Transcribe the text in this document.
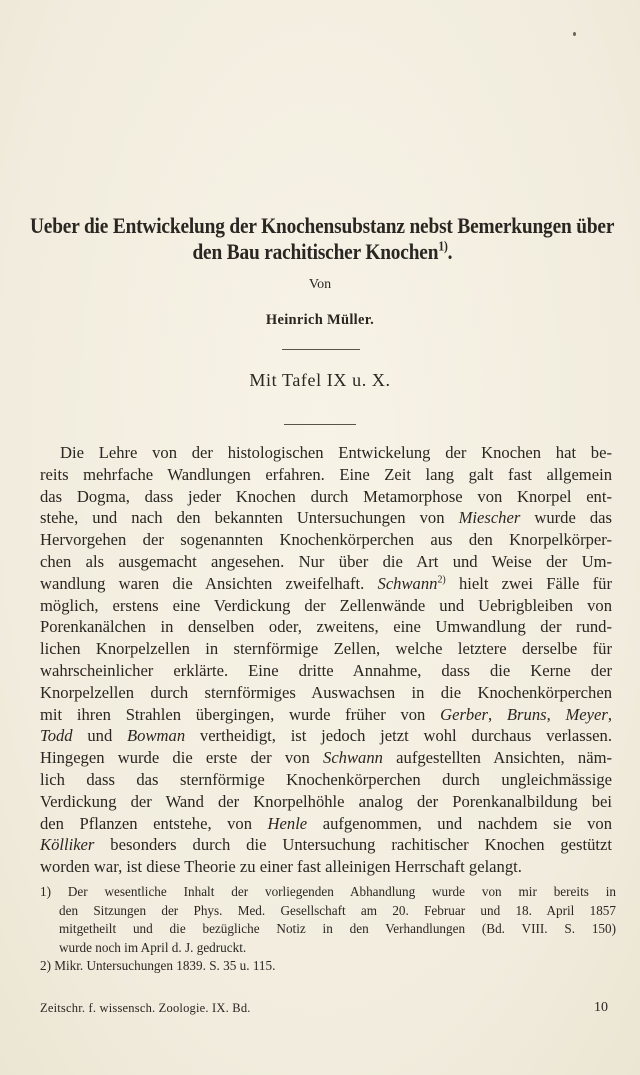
Ueber die Entwickelung der Knochensubstanz nebst Bemerkungen über
den Bau rachitischer Knochen$^{1)}$.
Von
Heinrich Müller.
Mit Tafel IX u. X.
Die Lehre von der histologischen Entwickelung der Knochen hat be-
reits mehrfache Wandlungen erfahren. Eine Zeit lang galt fast allgemein
das Dogma, dass jeder Knochen durch Metamorphose von Knorpel ent-
stehe, und nach den bekannten Untersuchungen von Miescher wurde das
Hervorgehen der sogenannten Knochenkörperchen aus den Knorpelkörper-
chen als ausgemacht angesehen. Nur über die Art und Weise der Um-
wandlung waren die Ansichten zweifelhaft. Schwann$^{2)}$ hielt zwei Fälle für
möglich, erstens eine Verdickung der Zellenwände und Uebrigbleiben von
Porenkanälchen in denselben oder, zweitens, eine Umwandlung der rund-
lichen Knorpelzellen in sternförmige Zellen, welche letztere derselbe für
wahrscheinlicher erklärte. Eine dritte Annahme, dass die Kerne der
Knorpelzellen durch sternförmiges Auswachsen in die Knochenkörperchen
mit ihren Strahlen übergingen, wurde früher von Gerber, Bruns, Meyer,
Todd und Bowman vertheidigt, ist jedoch jetzt wohl durchaus verlassen.
Hingegen wurde die erste der von Schwann aufgestellten Ansichten, näm-
lich dass das sternförmige Knochenkörperchen durch ungleichmässige
Verdickung der Wand der Knorpelhöhle analog der Porenkanalbildung bei
den Pflanzen entstehe, von Henle aufgenommen, und nachdem sie von
Kölliker besonders durch die Untersuchung rachitischer Knochen gestützt
worden war, ist diese Theorie zu einer fast alleinigen Herrschaft gelangt.
1) Der wesentliche Inhalt der vorliegenden Abhandlung wurde von mir bereits in
den Sitzungen der Phys. Med. Gesellschaft am 20. Februar und 18. April 1857
mitgetheilt und die bezügliche Notiz in den Verhandlungen (Bd. VIII. S. 150)
wurde noch im April d. J. gedruckt.
2) Mikr. Untersuchungen 1839. S. 35 u. 115.
Zeitschr. f. wissensch. Zoologie. IX. Bd.	10
